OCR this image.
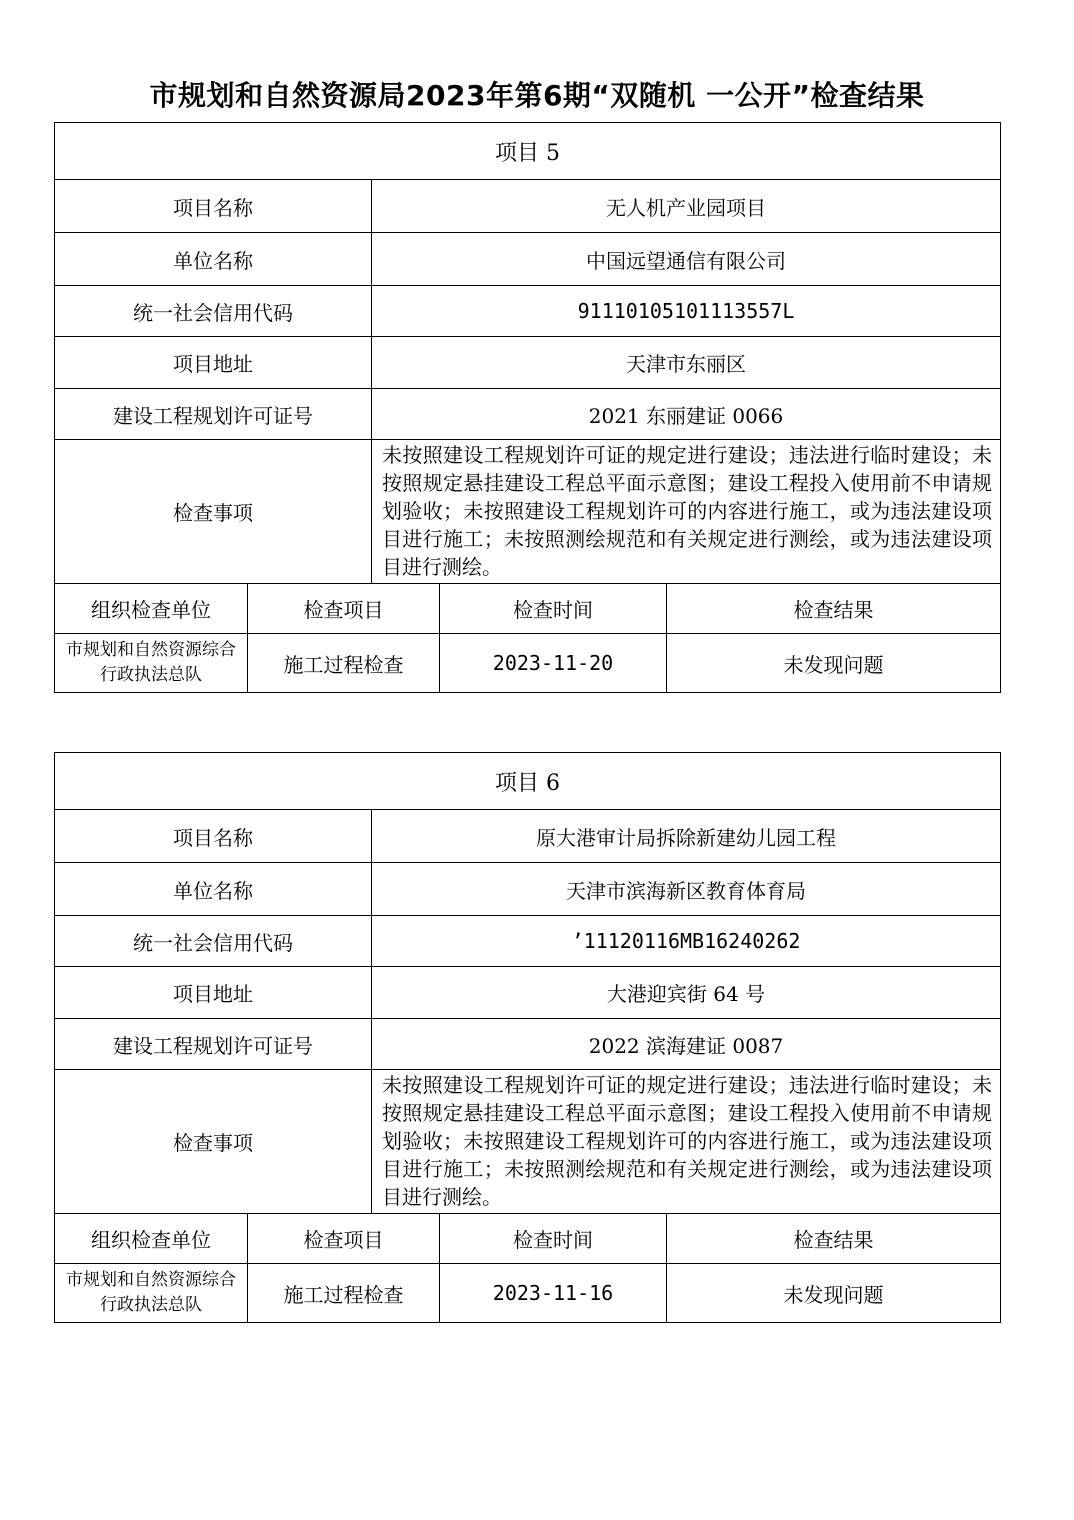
市规划和自然资源局2023年第6期“双随机 一公开”检查结果
项目 5				
项目名称		无人机产业园项目		
单位名称		中国远望通信有限公司		
统一社会信用代码		91110105101113557L		
项目地址		天津市东丽区		
建设工程规划许可证号		2021 东丽建证 0066		
检查事项		未按照建设工程规划许可证的规定进行建设；违法进行临时建设；未按照规定悬挂建设工程总平面示意图；建设工程投入使用前不申请规划验收；未按照建设工程规划许可的内容进行施工，或为违法建设项目进行施工；未按照测绘规范和有关规定进行测绘，或为违法建设项目进行测绘。		
组织检查单位	检查项目		检查时间	检查结果
市规划和自然资源综合行政执法总队	施工过程检查		2023-11-20	未发现问题
项目 6				
项目名称		原大港审计局拆除新建幼儿园工程		
单位名称		天津市滨海新区教育体育局		
统一社会信用代码		’11120116MB16240262		
项目地址		大港迎宾街 64 号		
建设工程规划许可证号		2022 滨海建证 0087		
检查事项		未按照建设工程规划许可证的规定进行建设；违法进行临时建设；未按照规定悬挂建设工程总平面示意图；建设工程投入使用前不申请规划验收；未按照建设工程规划许可的内容进行施工，或为违法建设项目进行施工；未按照测绘规范和有关规定进行测绘，或为违法建设项目进行测绘。		
组织检查单位	检查项目		检查时间	检查结果
市规划和自然资源综合行政执法总队	施工过程检查		2023-11-16	未发现问题
